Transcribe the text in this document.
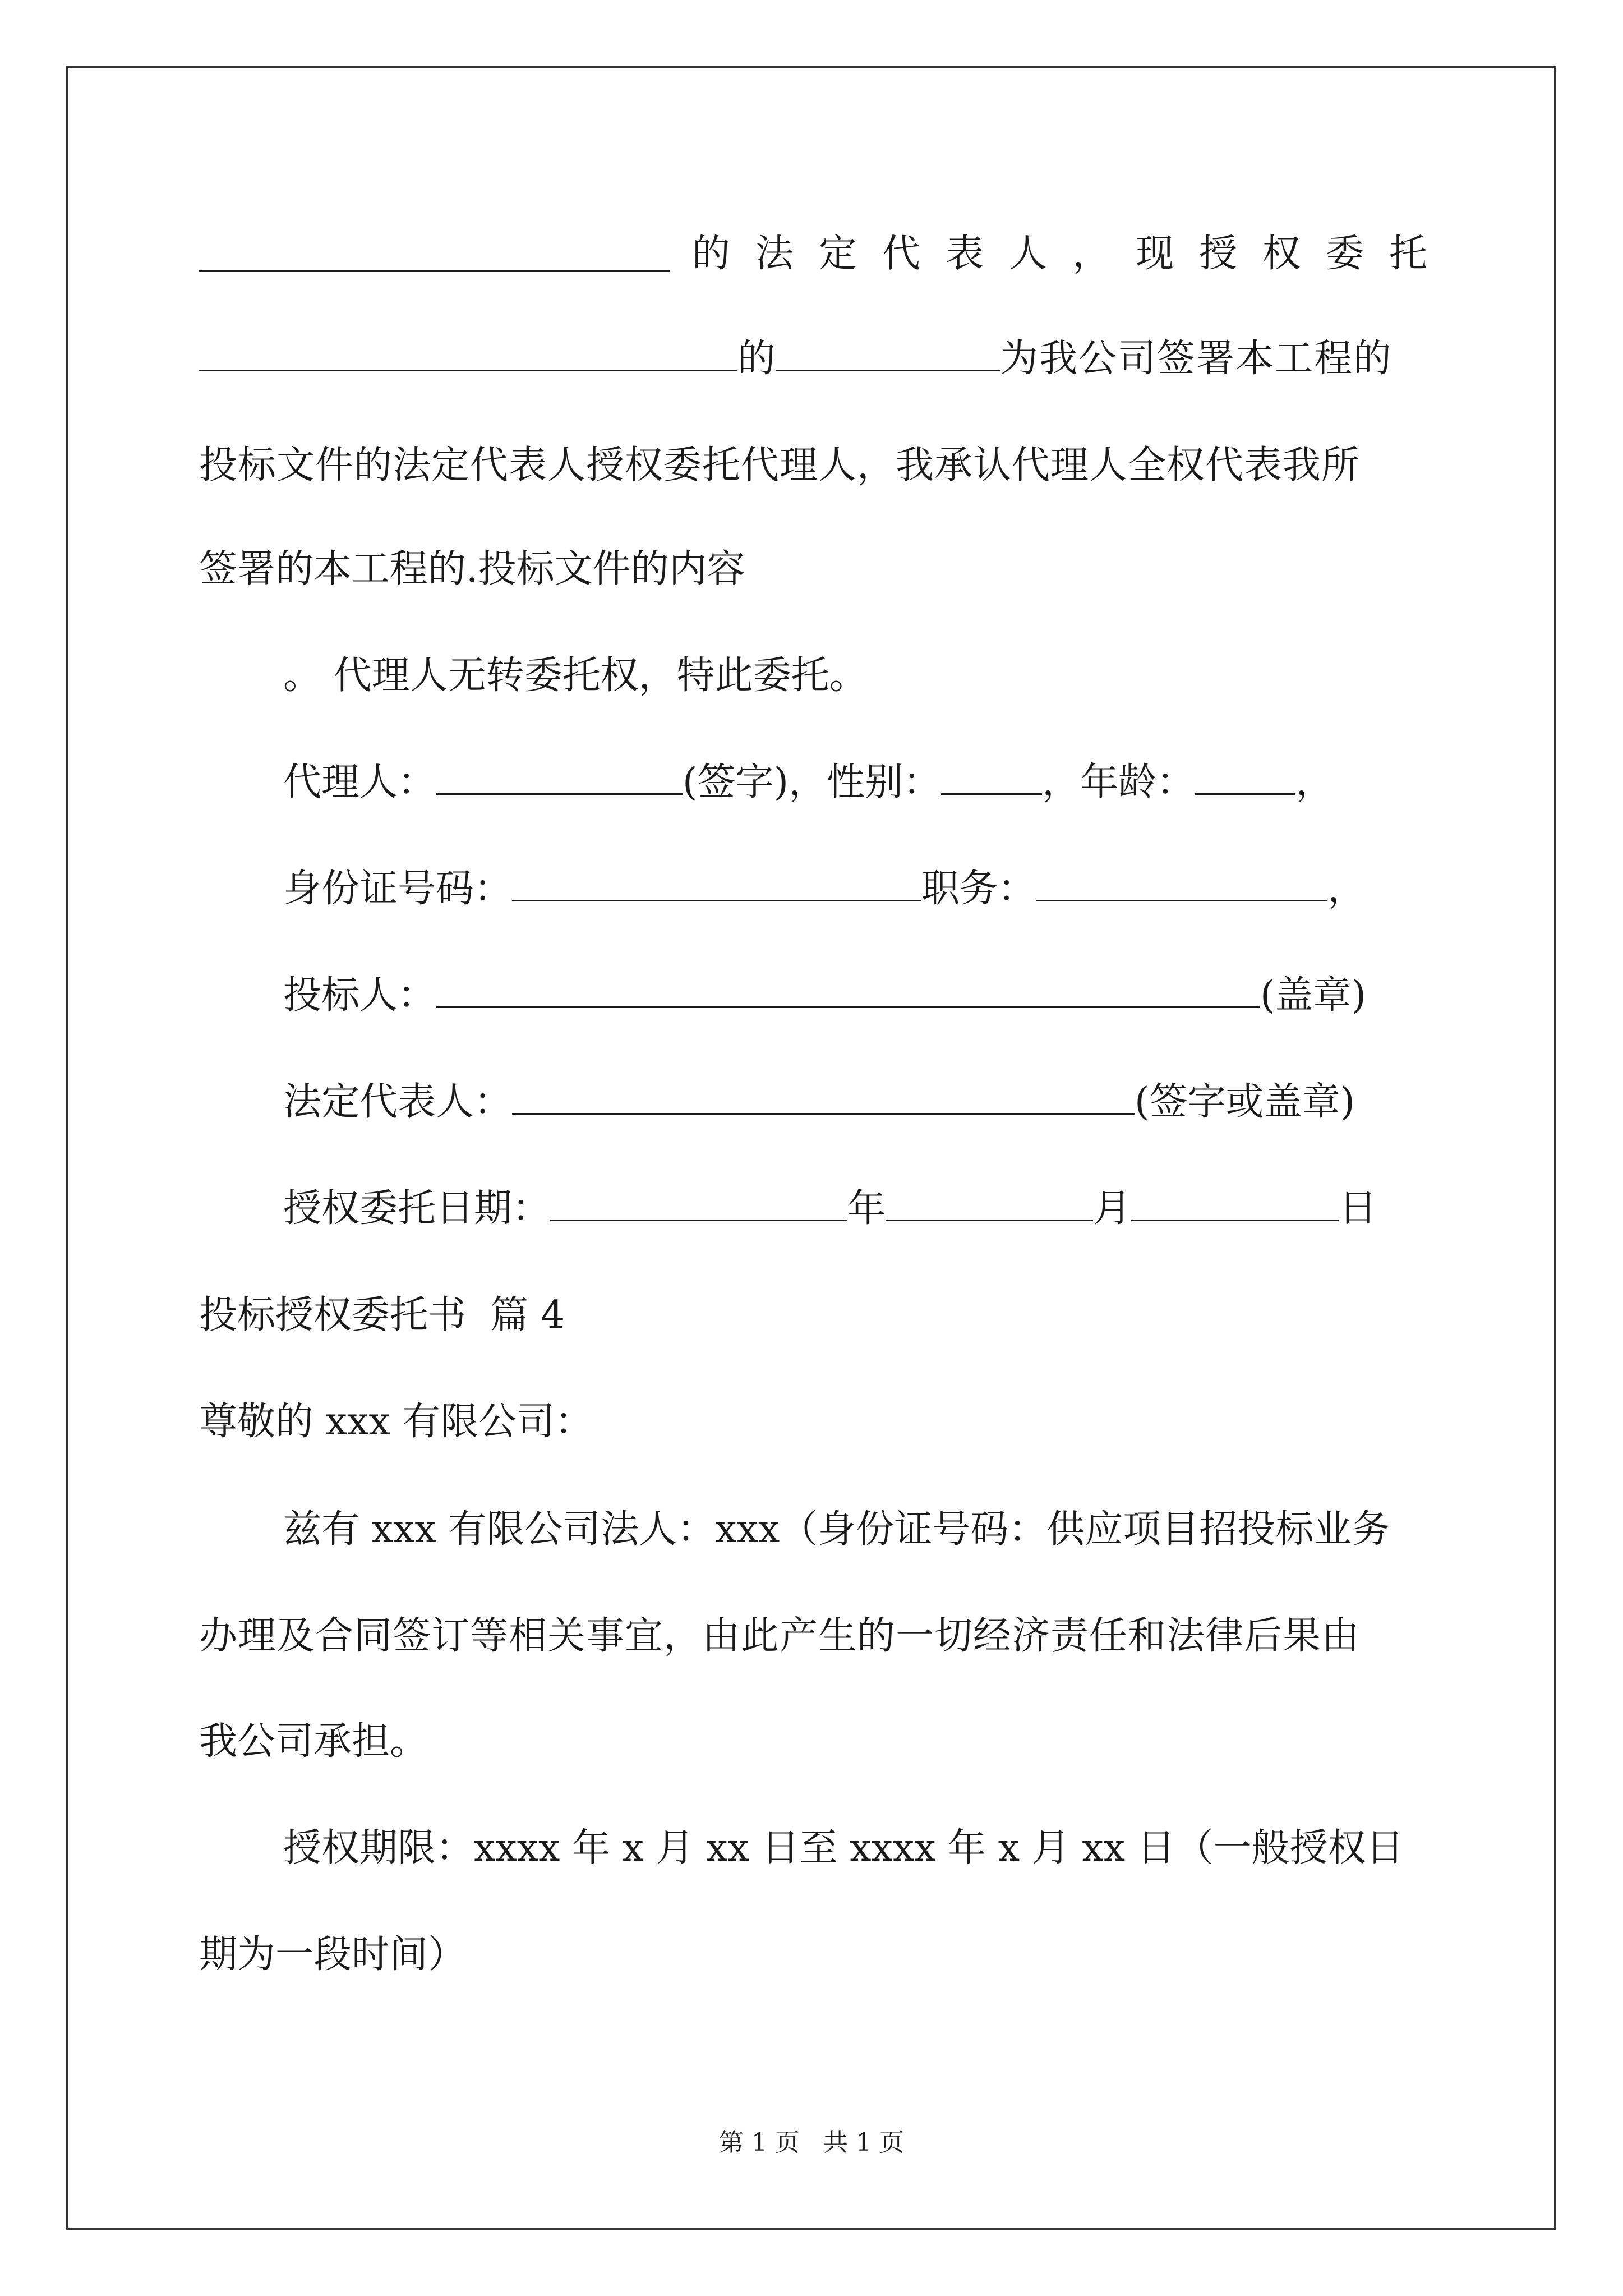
的法定代表人，现授权委托
的	为我公司签署本工程的
投标文件的法定代表人授权委托代理人，我承认代理人全权代表我所
签署的本工程的.投标文件的内容
。 代理人无转委托权，特此委托。
代理人：	(签字)，性别：	，年龄：	，
身份证号码：	职务：	，
投标人：	(盖章)
法定代表人：	(签字或盖章)
授权委托日期：	年	月	日
投标授权委托书  篇 4
尊敬的 xxx 有限公司：
兹有 xxx 有限公司法人：xxx（身份证号码：供应项目招投标业务
办理及合同签订等相关事宜，由此产生的一切经济责任和法律后果由
我公司承担。
授权期限：xxxx 年 x 月 xx 日至 xxxx 年 x 月 xx 日（一般授权日
期为一段时间）
第 1 页   共 1 页
